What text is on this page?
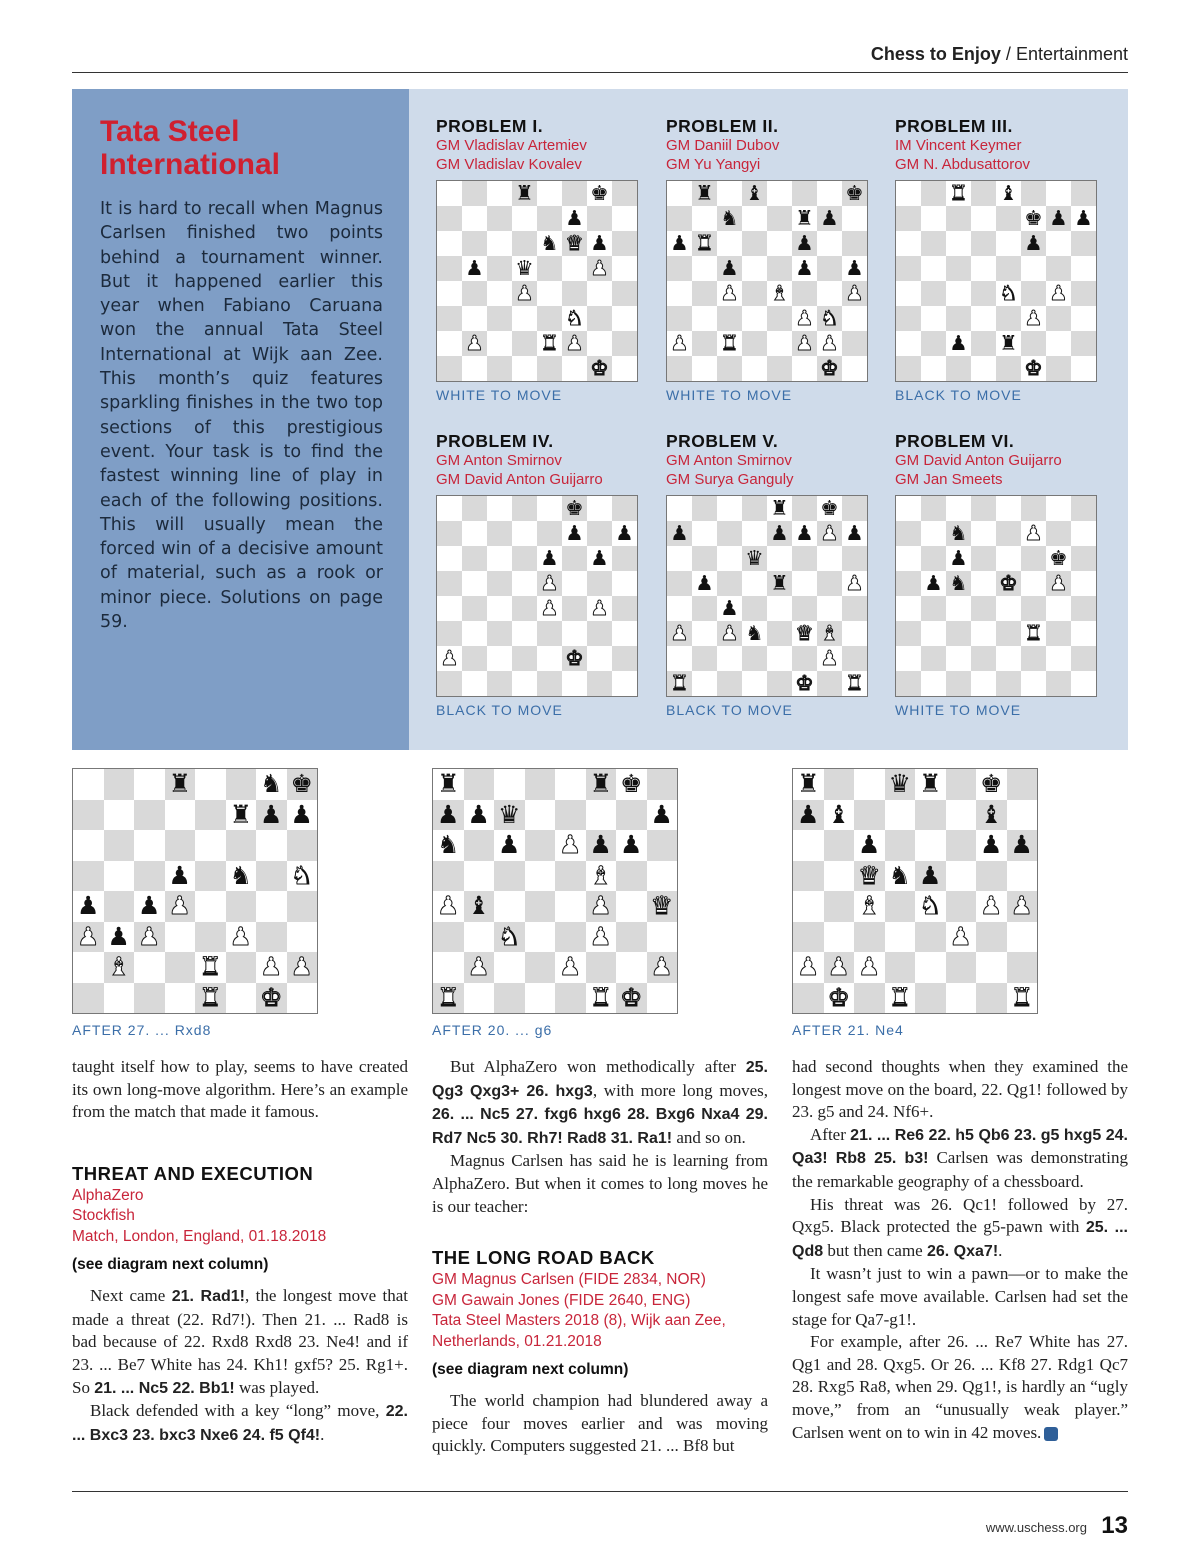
Chess to Enjoy / Entertainment
Tata Steel
International
It is hard to recall when Magnus Carlsen finished two points behind a tournament winner. But it happened earlier this year when Fabiano Caruana won the annual Tata Steel International at Wijk aan Zee. This month’s quiz features sparkling finishes in the two top sections of this prestigious event. Your task is to find the fastest winning line of play in each of the following positions. This will usually mean the forced win of a decisive amount of material, such as a rook or minor piece. Solutions on page 59.
PROBLEM I.
GM Vladislav Artemiev
GM Vladislav Kovalev
♜	♚
♟
♞ ♛ ♟
♟ ♛	♟
♟
♞
♟	♜ ♟
♚
WHITE TO MOVE
PROBLEM II.
GM Daniil Dubov
GM Yu Yangyi
♜ ♝	♚
♞	♜ ♟
♟ ♜	♟
♟	♟ ♟
♟ ♝	♟
♟ ♞
♟ ♜	♟ ♟
♚
WHITE TO MOVE
PROBLEM III.
IM Vincent Keymer
GM N. Abdusattorov
♜ ♝
♚ ♟ ♟
♟
♞ ♟
♟
♟ ♜
♚
BLACK TO MOVE
PROBLEM IV.
GM Anton Smirnov
GM David Anton Guijarro
♚
♟ ♟
♟ ♟
♟
♟ ♟
♟	♚
BLACK TO MOVE
PROBLEM V.
GM Anton Smirnov
GM Surya Ganguly
♜ ♚
♟	♟ ♟ ♟ ♟
♛
♟	♜	♟
♟
♟ ♟ ♞ ♛ ♝
♟
♜	♚ ♜
BLACK TO MOVE
PROBLEM VI.
GM David Anton Guijarro
GM Jan Smeets
♞	♟
♟	♚
♟ ♞ ♚ ♟
♜
WHITE TO MOVE
♜	♞ ♚
♜ ♟ ♟
♟ ♞ ♞
♟ ♟ ♟
♟ ♟ ♟	♟
♝	♜ ♟ ♟
♜ ♚
AFTER 27. ... Rxd8
♜	♜ ♚
♟ ♟ ♛	♟
♞ ♟ ♟ ♟ ♟
♝
♟ ♝	♟ ♛
♞	♟
♟	♟	♟
♜	♜ ♚
AFTER 20. ... g6
♜	♛ ♜ ♚
♟ ♝	♝
♟	♟ ♟
♛ ♞ ♟
♝ ♞ ♟ ♟
♟
♟ ♟ ♟
♚ ♜	♜
AFTER 21. Ne4

taught itself how to play, seems to have created its own long-move algorithm. Here’s an example from the match that made it famous.

THREAT AND EXECUTION
AlphaZero
Stockfish
Match, London, England, 01.18.2018
(see diagram next column)

Next came 21. Rad1!, the longest move that made a threat (22. Rd7!). Then 21. ... Rad8 is bad because of 22. Rxd8 Rxd8 23. Ne4! and if 23. ... Be7 White has 24. Kh1! gxf5? 25. Rg1+. So 21. ... Nc5 22. Bb1! was played.

Black defended with a key “long” move, 22. ... Bxc3 23. bxc3 Nxe6 24. f5 Qf4!.

But AlphaZero won methodically after 25. Qg3 Qxg3+ 26. hxg3, with more long moves, 26. ... Nc5 27. fxg6 hxg6 28. Bxg6 Nxa4 29. Rd7 Nc5 30. Rh7! Rad8 31. Ra1! and so on.

Magnus Carlsen has said he is learning from AlphaZero. But when it comes to long moves he is our teacher:

THE LONG ROAD BACK
GM Magnus Carlsen (FIDE 2834, NOR)
GM Gawain Jones (FIDE 2640, ENG)
Tata Steel Masters 2018 (8), Wijk aan Zee, Netherlands, 01.21.2018
(see diagram next column)

The world champion had blundered away a piece four moves earlier and was moving quickly. Computers suggested 21. ... Bf8 but

had second thoughts when they examined the longest move on the board, 22. Qg1! followed by 23. g5 and 24. Nf6+.

After 21. ... Re6 22. h5 Qb6 23. g5 hxg5 24. Qa3! Rb8 25. b3! Carlsen was demonstrating the remarkable geography of a chessboard.

His threat was 26. Qc1! followed by 27. Qxg5. Black protected the g5-pawn with 25. ... Qd8 but then came 26. Qxa7!.

It wasn’t just to win a pawn—or to make the longest safe move available. Carlsen had set the stage for Qa7-g1!.

For example, after 26. ... Re7 White has 27. Qg1 and 28. Qxg5. Or 26. ... Kf8 27. Rdg1 Qc7 28. Rxg5 Ra8, when 29. Qg1!, is hardly an “ugly move,” from an “unusually weak player.” Carlsen went on to win in 42 moves.

www.uschess.org 13
